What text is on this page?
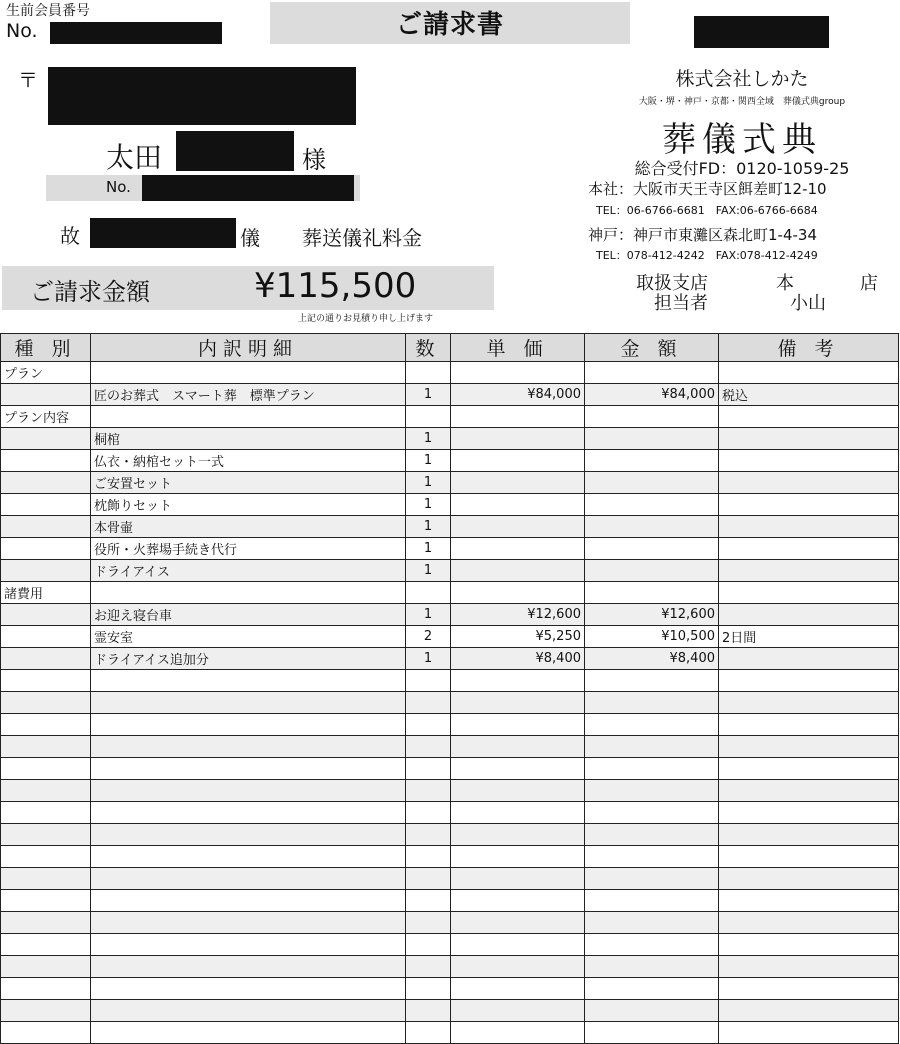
生前会員番号
No.	ご請求書
〒
太田	様
No.
故	儀 葬送儀礼料金
ご請求金額	¥115,500
上記の通りお見積り申し上げます
株式会社しかた
大阪・堺・神戸・京都・関西全域　葬儀式典group
葬儀式典
総合受付FD：0120-1059-25
本社：大阪市天王寺区餌差町12-10
TEL：06-6766-6681　FAX:06-6766-6684
神戸：神戸市東灘区森北町1-4-34
TEL：078-412-4242　FAX:078-412-4249
取扱支店	本	店
担当者	小山
種 別	内訳明細	数	単 価	金 額	備 考
プラン					
	匠のお葬式　スマート葬　標準プラン	1	¥84,000	¥84,000	税込
プラン内容					
	桐棺	1			
	仏衣・納棺セット一式	1			
	ご安置セット	1			
	枕飾りセット	1			
	本骨壷	1			
	役所・火葬場手続き代行	1			
	ドライアイス	1			
諸費用					
	お迎え寝台車	1	¥12,600	¥12,600	
	霊安室	2	¥5,250	¥10,500	2日間
	ドライアイス追加分	1	¥8,400	¥8,400	
